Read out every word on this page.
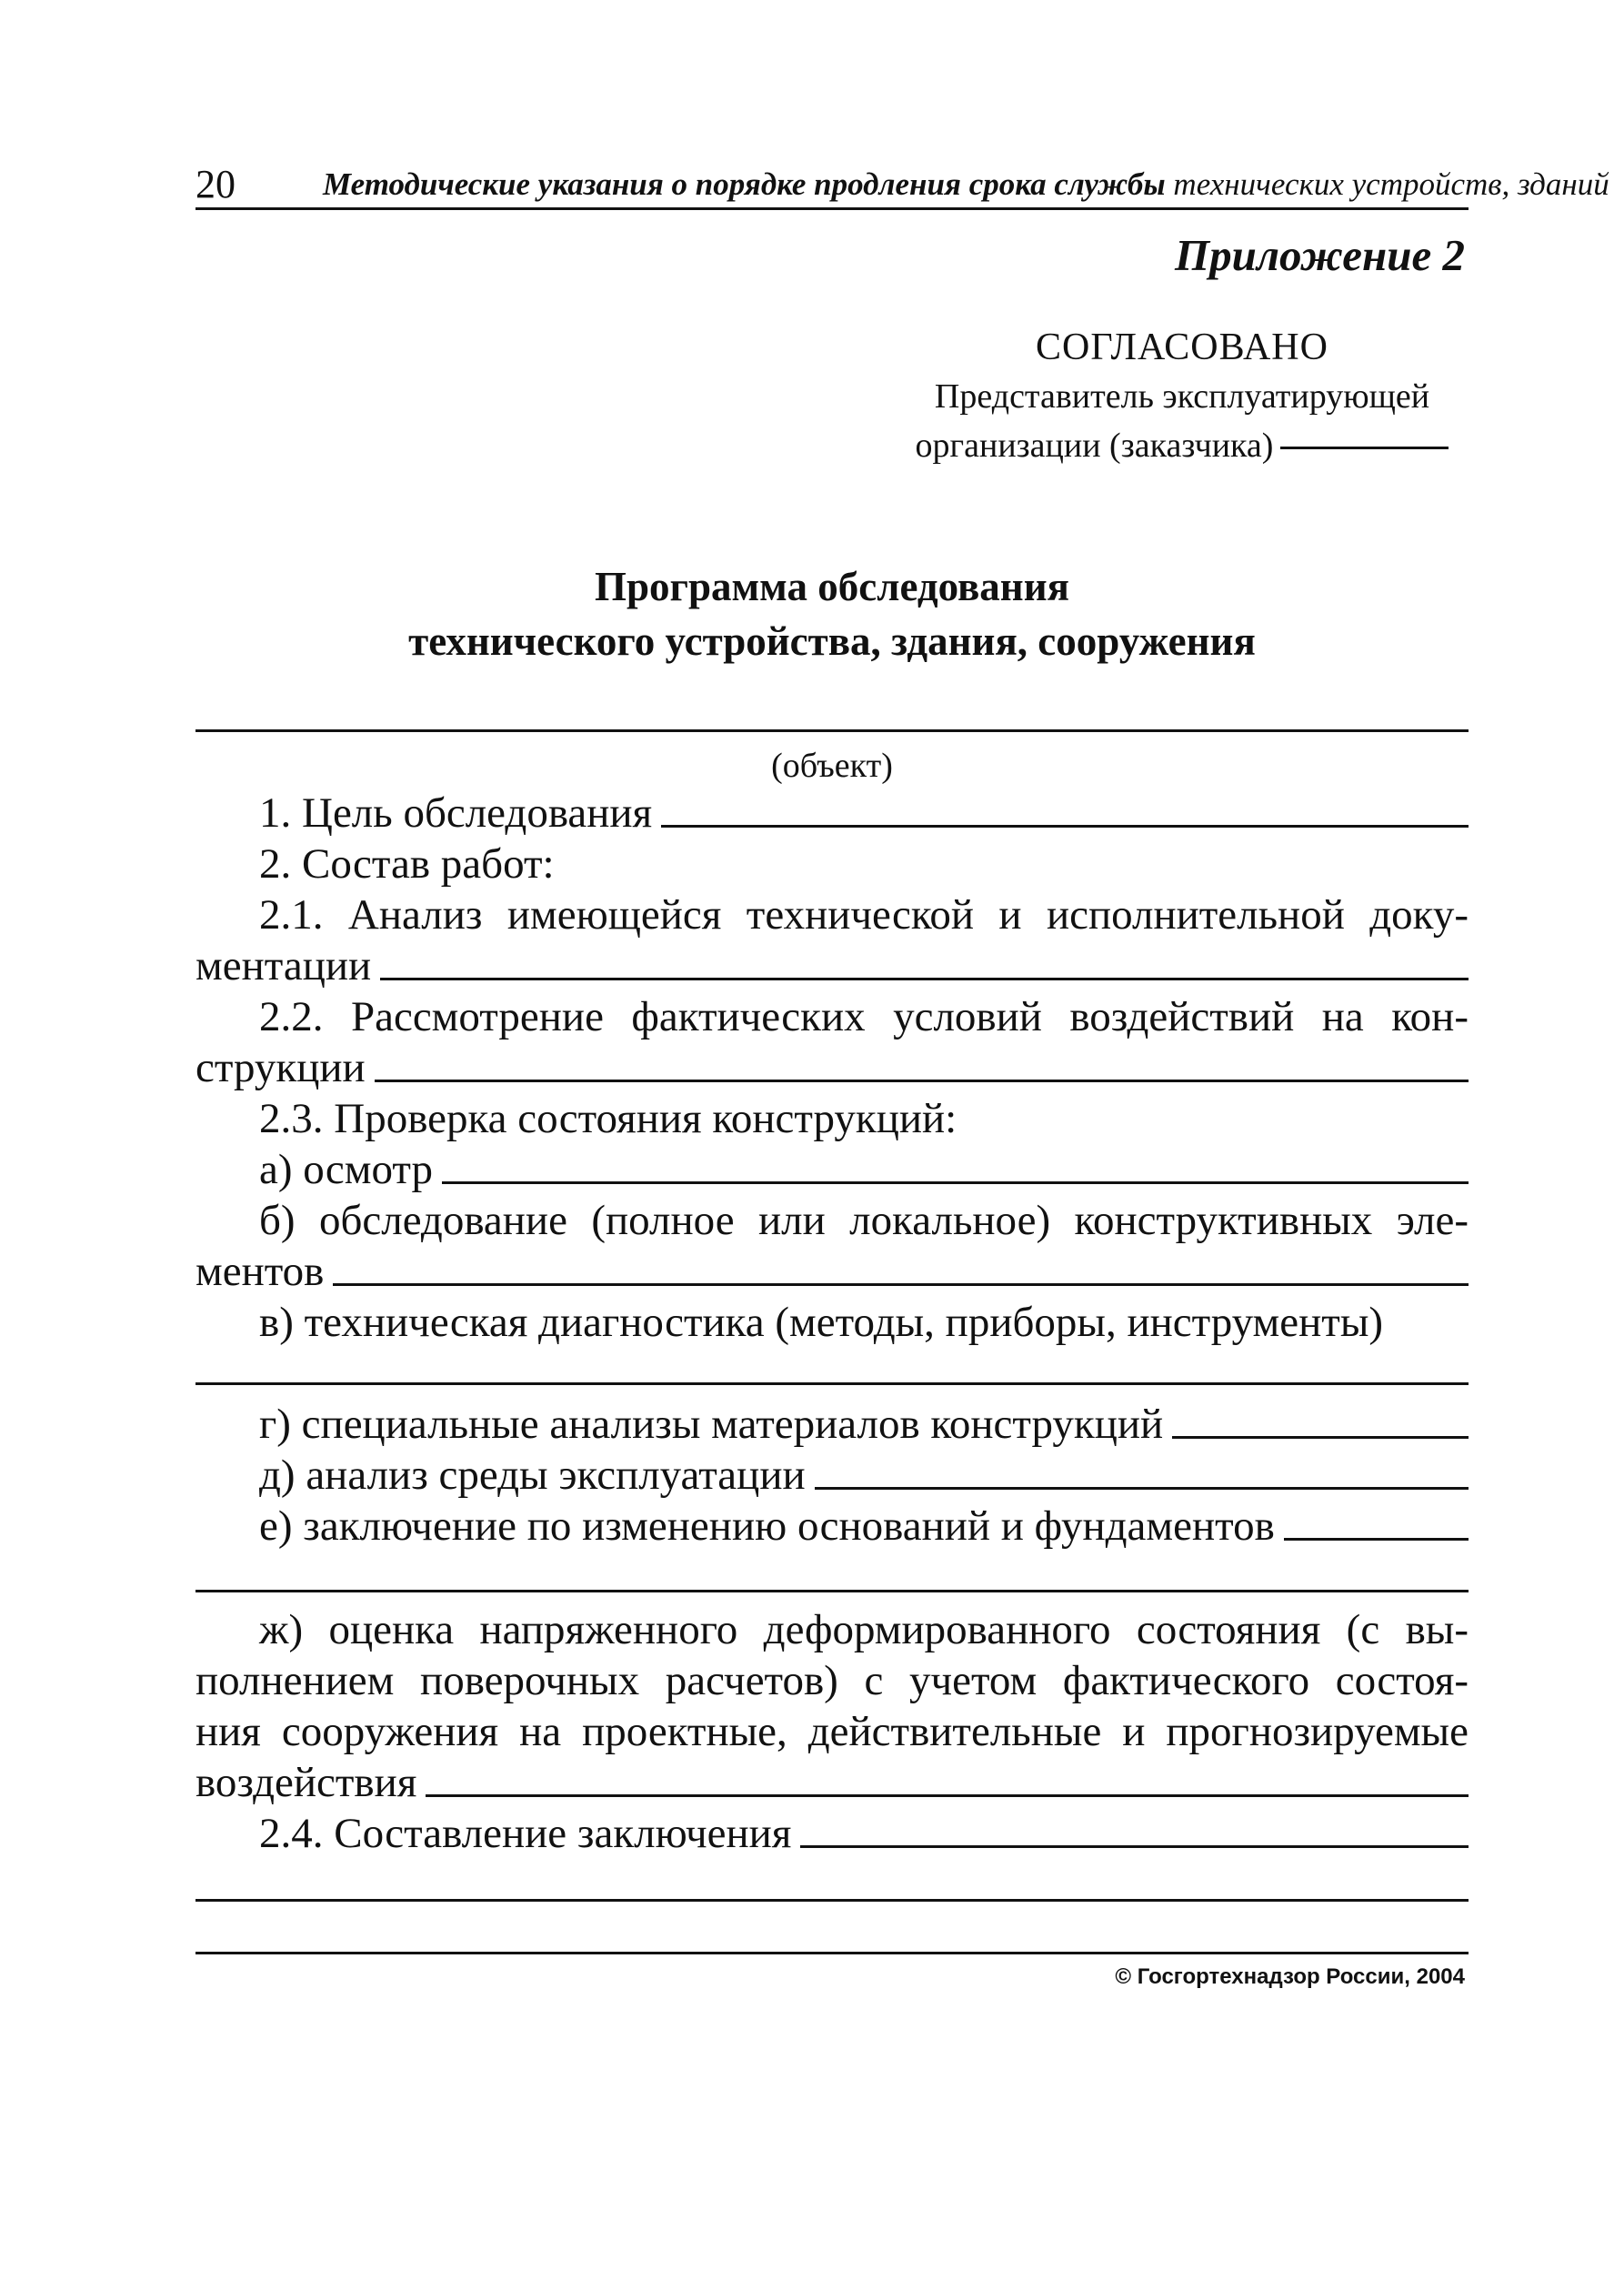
20	Методические указания о порядке продления срока службы технических устройств, зданий
Приложение 2
СОГЛАСОВАНО
Представитель эксплуатирующей
организации (заказчика)
Программа обследования
технического устройства, здания, сооружения
(объект)
1. Цель обследования
2. Состав работ:
2.1. Анализ имеющейся технической и исполнительной доку-
ментации
2.2. Рассмотрение фактических условий воздействий на кон-
струкции
2.3. Проверка состояния конструкций:
а) осмотр
б) обследование (полное или локальное) конструктивных эле-
ментов
в) техническая диагностика (методы, приборы, инструменты)
г) специальные анализы материалов конструкций
д) анализ среды эксплуатации
е) заключение по изменению оснований и фундаментов
ж) оценка напряженного деформированного состояния (с вы-
полнением поверочных расчетов) с учетом фактического состоя-
ния сооружения на проектные, действительные и прогнозируемые
воздействия
2.4. Составление заключения
© Госгортехнадзор России, 2004
